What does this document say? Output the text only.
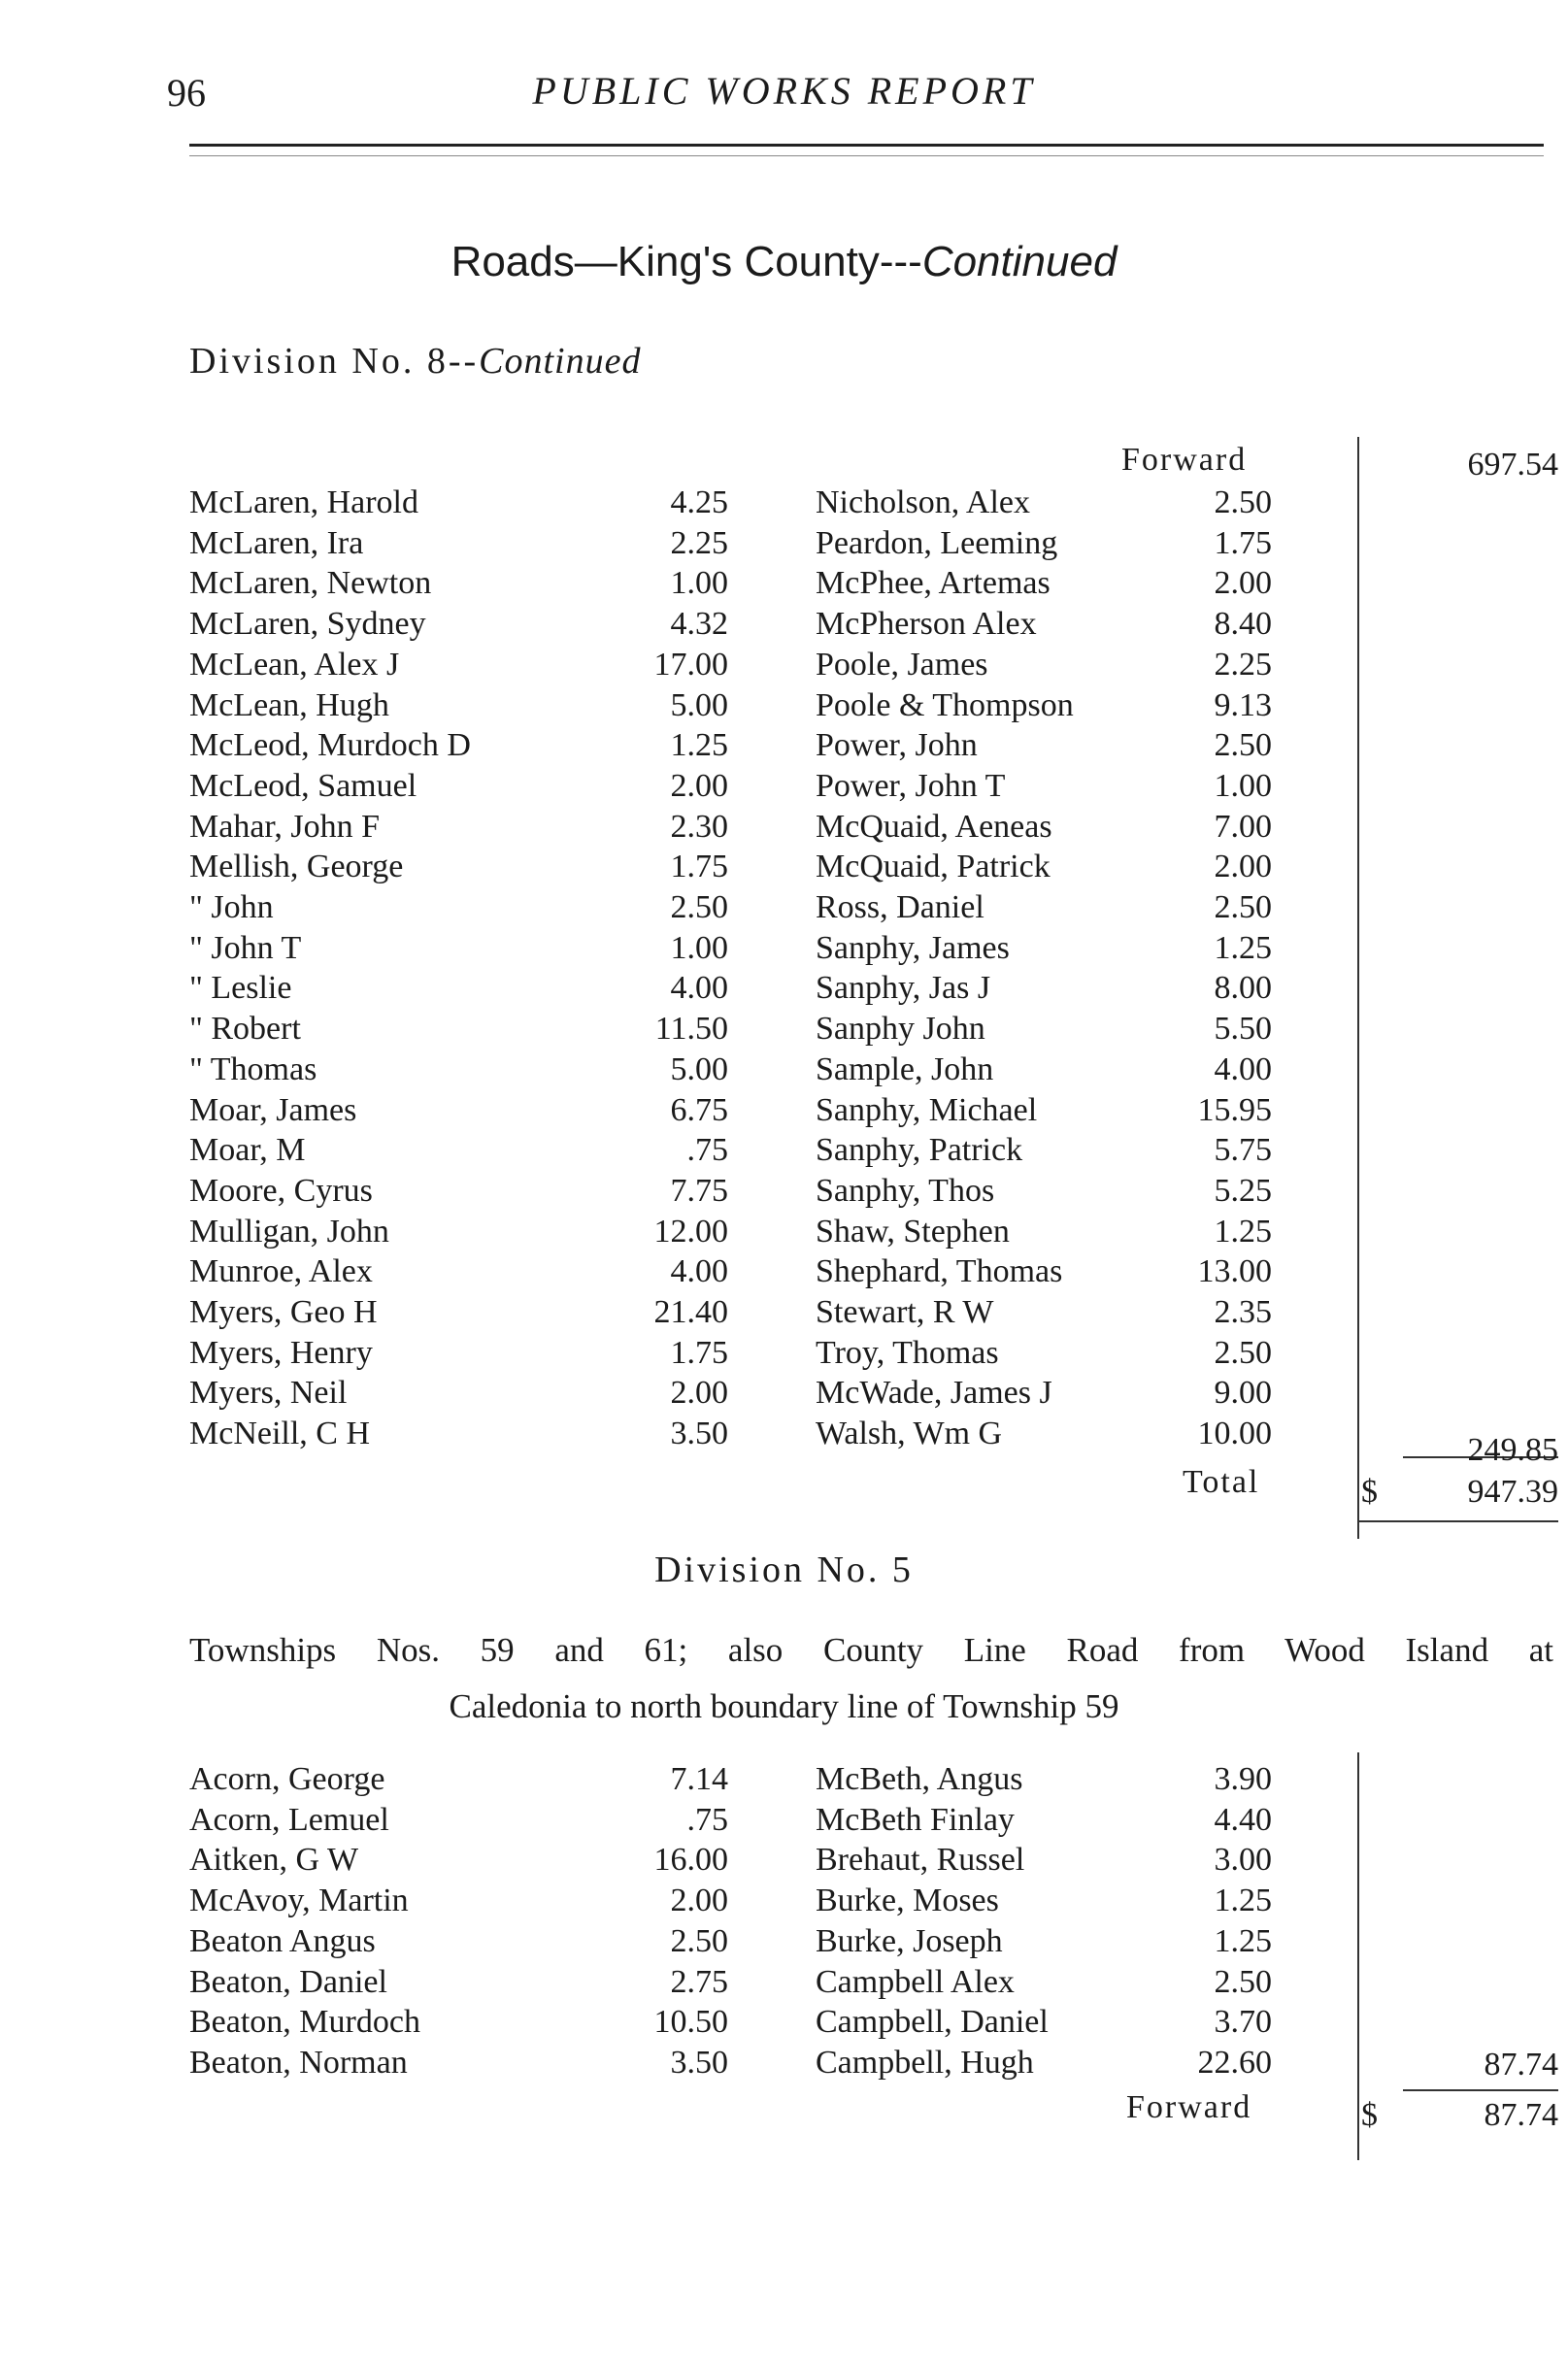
96	PUBLIC WORKS REPORT
Roads—King's County---Continued
Division No. 8--Continued
Forward	697.54
McLaren, Harold	4.25	Nicholson, Alex	2.50
McLaren, Ira	2.25	Peardon, Leeming	1.75
McLaren, Newton	1.00	McPhee, Artemas	2.00
McLaren, Sydney	4.32	McPherson Alex	8.40
McLean, Alex J	17.00	Poole, James	2.25
McLean, Hugh	5.00	Poole & Thompson	9.13
McLeod, Murdoch D	1.25	Power, John	2.50
McLeod, Samuel	2.00	Power, John T	1.00
Mahar, John F	2.30	McQuaid, Aeneas	7.00
Mellish, George	1.75	McQuaid, Patrick	2.00
" John	2.50	Ross, Daniel	2.50
" John T	1.00	Sanphy, James	1.25
" Leslie	4.00	Sanphy, Jas J	8.00
" Robert	11.50	Sanphy John	5.50
" Thomas	5.00	Sample, John	4.00
Moar, James	6.75	Sanphy, Michael	15.95
Moar, M	.75	Sanphy, Patrick	5.75
Moore, Cyrus	7.75	Sanphy, Thos	5.25
Mulligan, John	12.00	Shaw, Stephen	1.25
Munroe, Alex	4.00	Shephard, Thomas	13.00
Myers, Geo H	21.40	Stewart, R W	2.35
Myers, Henry	1.75	Troy, Thomas	2.50
Myers, Neil	2.00	McWade, James J	9.00
McNeill, C H	3.50	Walsh, Wm G	10.00	249.85
Total	$	947.39
Division No. 5
Townships Nos. 59 and 61; also County Line Road from Wood Island at
Caledonia to north boundary line of Township 59
Acorn, George	7.14	McBeth, Angus	3.90
Acorn, Lemuel	.75	McBeth Finlay	4.40
Aitken, G W	16.00	Brehaut, Russel	3.00
McAvoy, Martin	2.00	Burke, Moses	1.25
Beaton Angus	2.50	Burke, Joseph	1.25
Beaton, Daniel	2.75	Campbell Alex	2.50
Beaton, Murdoch	10.50	Campbell, Daniel	3.70
Beaton, Norman	3.50	Campbell, Hugh	22.60	87.74
Forward	$	87.74
